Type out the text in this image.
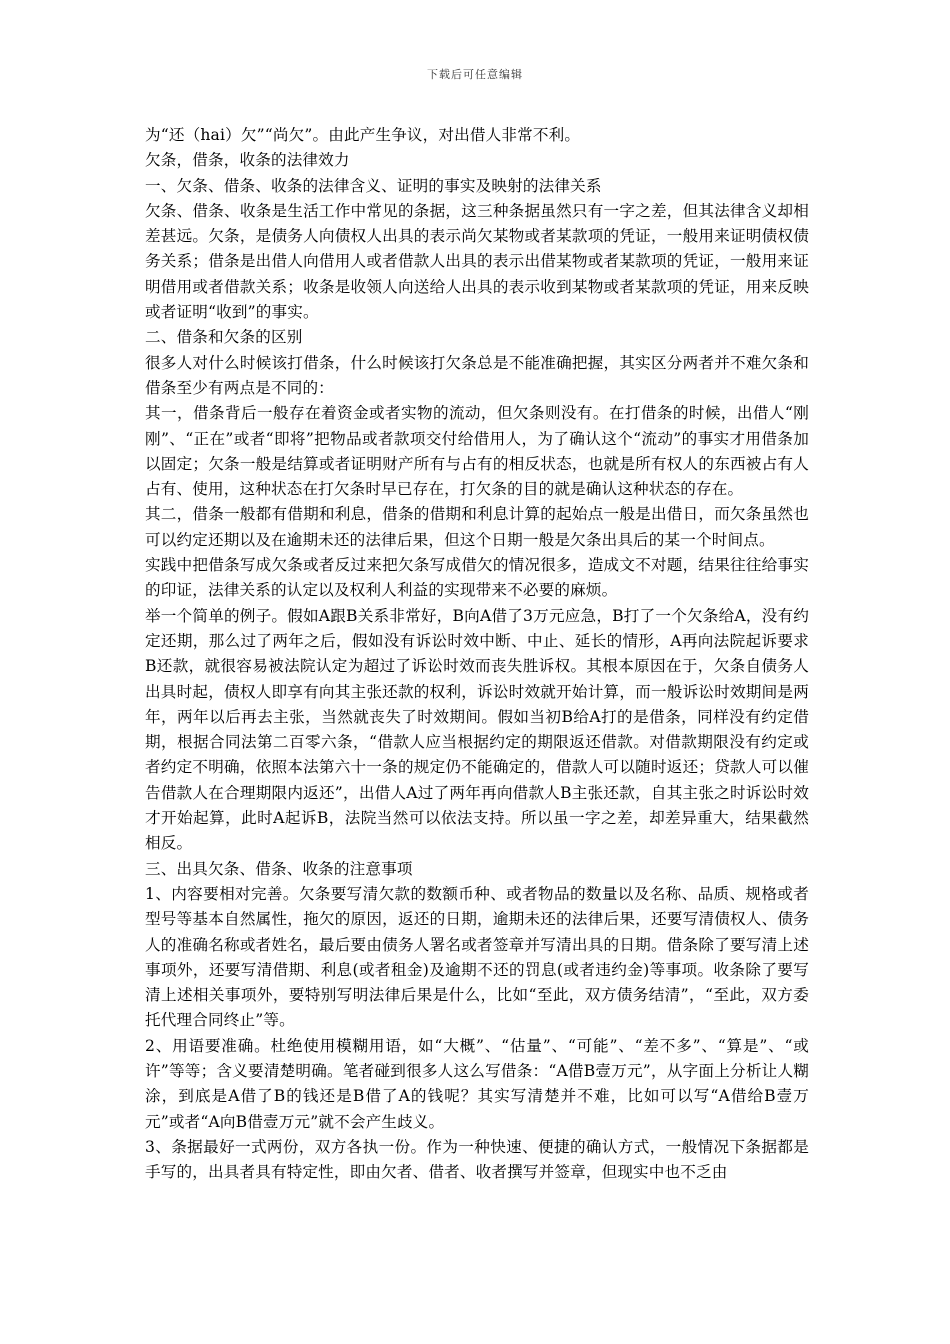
下载后可任意编辑

为“还（hai）欠”“尚欠”。由此产生争议，对出借人非常不利。

欠条，借条，收条的法律效力

一、欠条、借条、收条的法律含义、证明的事实及映射的法律关系

欠条、借条、收条是生活工作中常见的条据，这三种条据虽然只有一字之差，但其法律含义却相差甚远。欠条，是债务人向债权人出具的表示尚欠某物或者某款项的凭证，一般用来证明债权债务关系；借条是出借人向借用人或者借款人出具的表示出借某物或者某款项的凭证，一般用来证明借用或者借款关系；收条是收领人向送给人出具的表示收到某物或者某款项的凭证，用来反映或者证明“收到”的事实。

二、借条和欠条的区别

很多人对什么时候该打借条，什么时候该打欠条总是不能准确把握，其实区分两者并不难欠条和借条至少有两点是不同的：

其一，借条背后一般存在着资金或者实物的流动，但欠条则没有。在打借条的时候，出借人“刚刚”、“正在”或者“即将”把物品或者款项交付给借用人，为了确认这个“流动”的事实才用借条加以固定；欠条一般是结算或者证明财产所有与占有的相反状态，也就是所有权人的东西被占有人占有、使用，这种状态在打欠条时早已存在，打欠条的目的就是确认这种状态的存在。

其二，借条一般都有借期和利息，借条的借期和利息计算的起始点一般是出借日，而欠条虽然也可以约定还期以及在逾期未还的法律后果，但这个日期一般是欠条出具后的某一个时间点。

实践中把借条写成欠条或者反过来把欠条写成借欠的情况很多，造成文不对题，结果往往给事实的印证，法律关系的认定以及权利人利益的实现带来不必要的麻烦。

举一个简单的例子。假如A跟B关系非常好，B向A借了3万元应急，B打了一个欠条给A，没有约定还期，那么过了两年之后，假如没有诉讼时效中断、中止、延长的情形，A再向法院起诉要求B还款，就很容易被法院认定为超过了诉讼时效而丧失胜诉权。其根本原因在于，欠条自债务人出具时起，债权人即享有向其主张还款的权利，诉讼时效就开始计算，而一般诉讼时效期间是两年，两年以后再去主张，当然就丧失了时效期间。假如当初B给A打的是借条，同样没有约定借期，根据合同法第二百零六条，“借款人应当根据约定的期限返还借款。对借款期限没有约定或者约定不明确，依照本法第六十一条的规定仍不能确定的，借款人可以随时返还；贷款人可以催告借款人在合理期限内返还”，出借人A过了两年再向借款人B主张还款，自其主张之时诉讼时效才开始起算，此时A起诉B，法院当然可以依法支持。所以虽一字之差，却差异重大，结果截然相反。

三、出具欠条、借条、收条的注意事项

1、内容要相对完善。欠条要写清欠款的数额币种、或者物品的数量以及名称、品质、规格或者型号等基本自然属性，拖欠的原因，返还的日期，逾期未还的法律后果，还要写清债权人、债务人的准确名称或者姓名，最后要由债务人署名或者签章并写清出具的日期。借条除了要写清上述事项外，还要写清借期、利息(或者租金)及逾期不还的罚息(或者违约金)等事项。收条除了要写清上述相关事项外，要特别写明法律后果是什么，比如“至此，双方债务结清”，“至此，双方委托代理合同终止”等。

2、用语要准确。杜绝使用模糊用语，如“大概”、“估量”、“可能”、“差不多”、“算是”、“或许”等等；含义要清楚明确。笔者碰到很多人这么写借条：“A借B壹万元”，从字面上分析让人糊涂，到底是A借了B的钱还是B借了A的钱呢？其实写清楚并不难，比如可以写“A借给B壹万元”或者“A向B借壹万元”就不会产生歧义。

3、条据最好一式两份，双方各执一份。作为一种快速、便捷的确认方式，一般情况下条据都是手写的，出具者具有特定性，即由欠者、借者、收者撰写并签章，但现实中也不乏由
